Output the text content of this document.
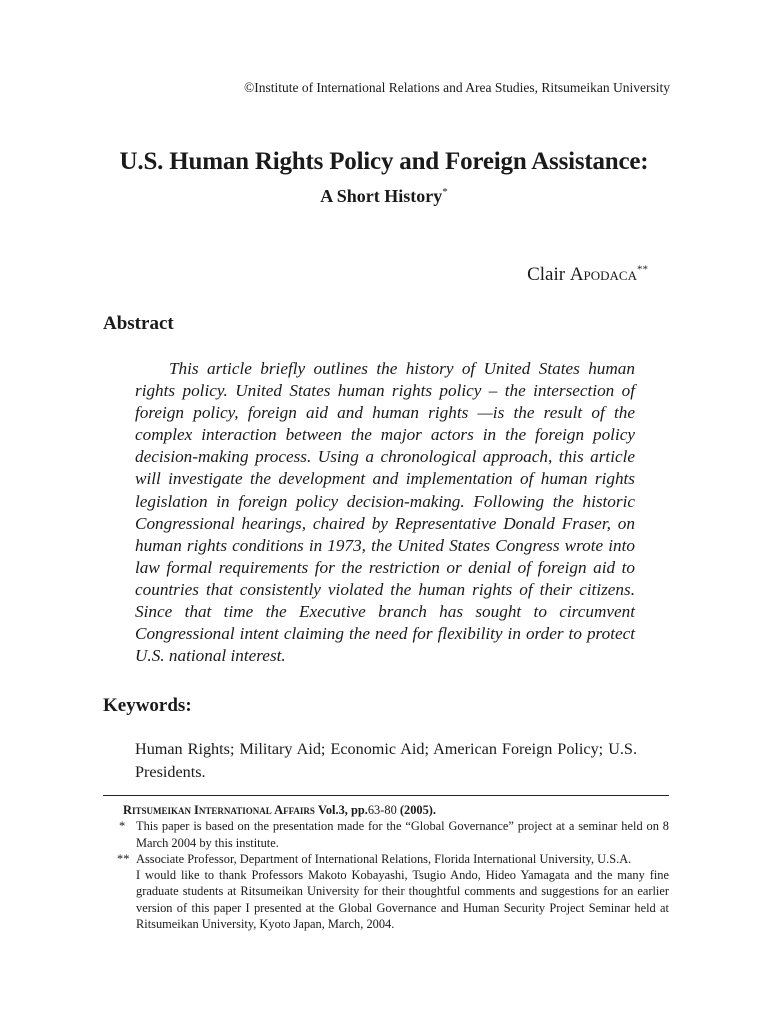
©Institute of International Relations and Area Studies, Ritsumeikan University
U.S. Human Rights Policy and Foreign Assistance:
A Short History*
Clair Apodaca**
Abstract

This article briefly outlines the history of United States human rights policy. United States human rights policy – the intersection of foreign policy, foreign aid and human rights —is the result of the complex interaction between the major actors in the foreign policy decision-making process. Using a chronological approach, this article will investigate the development and implementation of human rights legislation in foreign policy decision-making. Following the historic Congressional hearings, chaired by Representative Donald Fraser, on human rights conditions in 1973, the United States Congress wrote into law formal requirements for the restriction or denial of foreign aid to countries that consistently violated the human rights of their citizens. Since that time the Executive branch has sought to circumvent Congressional intent claiming the need for flexibility in order to protect U.S. national interest.

Keywords:

Human Rights; Military Aid; Economic Aid; American Foreign Policy; U.S. Presidents.

Ritsumeikan International Affairs Vol.3, pp.63-80 (2005).
* This paper is based on the presentation made for the “Global Governance” project at a seminar held on 8 March 2004 by this institute.
** Associate Professor, Department of International Relations, Florida International University, U.S.A.
I would like to thank Professors Makoto Kobayashi, Tsugio Ando, Hideo Yamagata and the many fine graduate students at Ritsumeikan University for their thoughtful comments and suggestions for an earlier version of this paper I presented at the Global Governance and Human Security Project Seminar held at Ritsumeikan University, Kyoto Japan, March, 2004.
